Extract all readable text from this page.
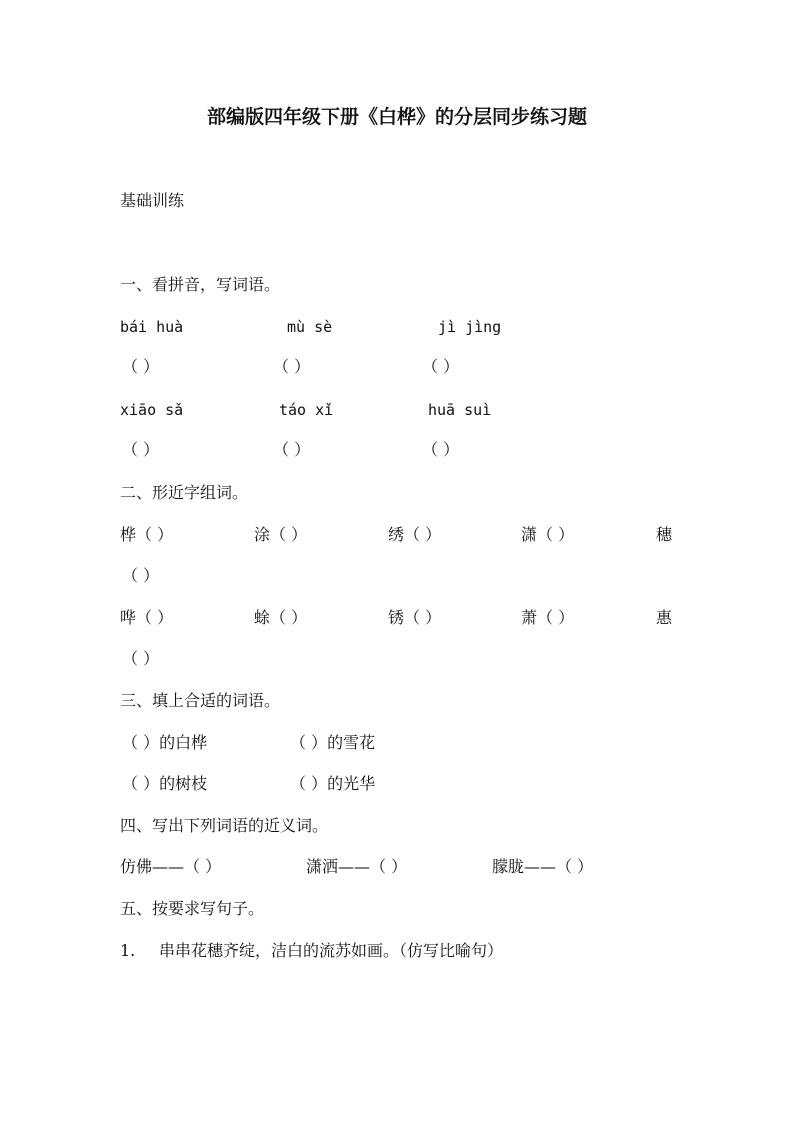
部编版四年级下册《白桦》的分层同步练习题
基础训练
一、看拼音，写词语。
bái huà	mù sè	jì jìng
（ ）	（ ）	（ ）
xiāo sǎ	táo xǐ	huā suì
（ ）	（ ）	（ ）
二、形近字组词。
桦（ ）	涂（ ）	绣（ ）	潇（ ）	穗
（ ）
哗（ ）	蜍（ ）	锈（ ）	萧（ ）	惠
（ ）
三、填上合适的词语。
（ ）的白桦	（ ）的雪花
（ ）的树枝	（ ）的光华
四、写出下列词语的近义词。
仿佛——（ ）	潇洒——（ ）	朦胧——（ ）
五、按要求写句子。
1. 串串花穗齐绽，洁白的流苏如画。（仿写比喻句）
